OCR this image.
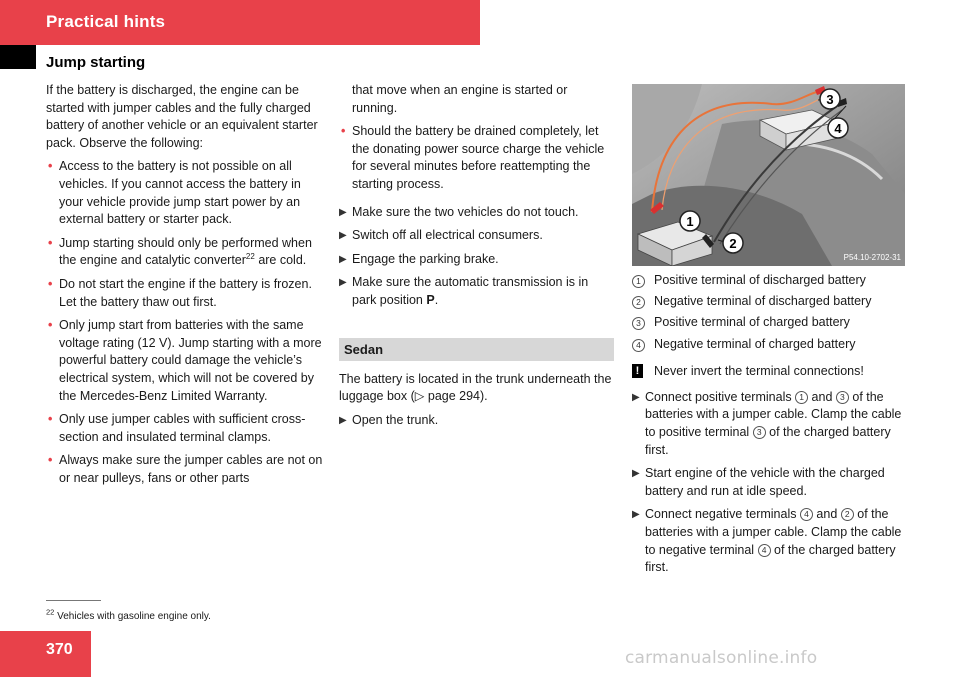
Practical hints
Jump starting

If the battery is discharged, the engine can be started with jumper cables and the fully charged battery of another vehicle or an equivalent starter pack. Observe the following:

• Access to the battery is not possible on all vehicles. If you cannot access the battery in your vehicle provide jump start power by an external battery or starter pack.
• Jump starting should only be performed when the engine and catalytic converter$^{22}$ are cold.
• Do not start the engine if the battery is frozen. Let the battery thaw out first.
• Only jump start from batteries with the same voltage rating (12 V). Jump starting with a more powerful battery could damage the vehicle’s electrical system, which will not be covered by the Mercedes-Benz Limited Warranty.
• Only use jumper cables with sufficient cross-section and insulated terminal clamps.
• Always make sure the jumper cables are not on or near pulleys, fans or other parts

that move when an engine is started or running.

• Should the battery be drained completely, let the donating power source charge the vehicle for several minutes before reattempting the starting process.
▶ Make sure the two vehicles do not touch.
▶ Switch off all electrical consumers.
▶ Engage the parking brake.
▶ Make sure the automatic transmission is in park position P.
Sedan

The battery is located in the trunk underneath the luggage box (▷ page 294).

▶ Open the trunk.
1
2
3
4
P54.10-2702-31
1	Positive terminal of discharged battery
2	Negative terminal of discharged battery
3	Positive terminal of charged battery
4	Negative terminal of charged battery
! Never invert the terminal connections!
▶ Connect positive terminals 1 and 3 of the batteries with a jumper cable. Clamp the cable to positive terminal 3 of the charged battery first.
▶ Start engine of the vehicle with the charged battery and run at idle speed.
▶ Connect negative terminals 4 and 2 of the batteries with a jumper cable. Clamp the cable to negative terminal 4 of the charged battery first.
$^{22}$ Vehicles with gasoline engine only.
370	carmanualsonline.info
